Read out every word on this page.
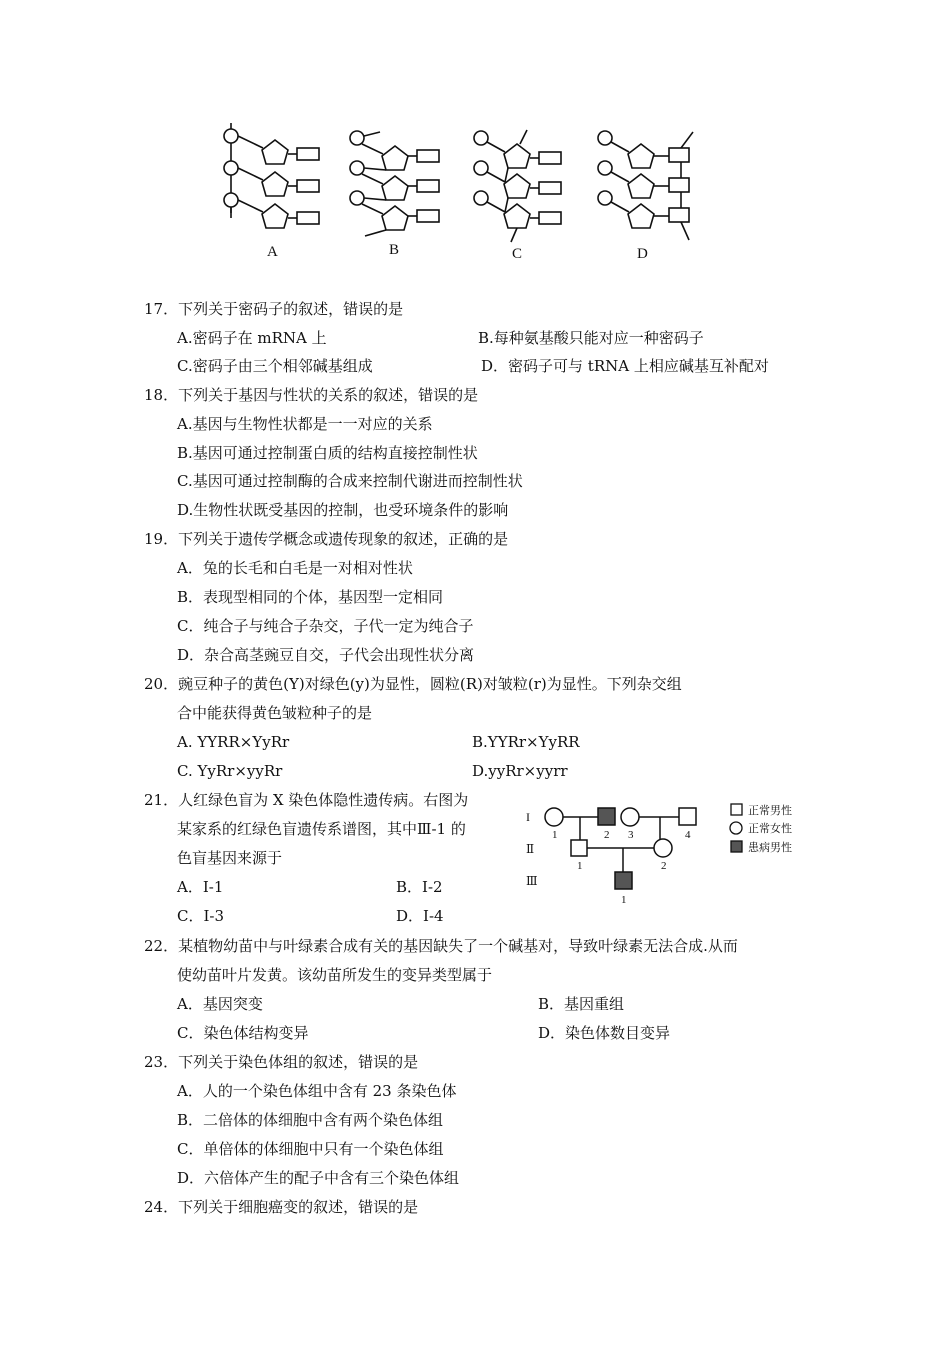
A	B	C	D
17．下列关于密码子的叙述，错误的是
A.密码子在 mRNA 上	B.每种氨基酸只能对应一种密码子
C.密码子由三个相邻碱基组成	D．密码子可与 tRNA 上相应碱基互补配对
18．下列关于基因与性状的关系的叙述，错误的是
A.基因与生物性状都是一一对应的关系
B.基因可通过控制蛋白质的结构直接控制性状
C.基因可通过控制酶的合成来控制代谢进而控制性状
D.生物性状既受基因的控制，也受环境条件的影响
19．下列关于遗传学概念或遗传现象的叙述，正确的是
A．兔的长毛和白毛是一对相对性状
B．表现型相同的个体，基因型一定相同
C．纯合子与纯合子杂交，子代一定为纯合子
D．杂合高茎豌豆自交，子代会出现性状分离
20．豌豆种子的黄色(Y)对绿色(y)为显性，圆粒(R)对皱粒(r)为显性。下列杂交组
合中能获得黄色皱粒种子的是
A. YYRR×YyRr	B.YYRr×YyRR
C. YyRr×yyRr	D.yyRr×yyrr
21．人红绿色盲为 X 染色体隐性遗传病。右图为
某家系的红绿色盲遗传系谱图，其中Ⅲ-1 的
色盲基因来源于
A．I-1	B．I-2
C．I-3	D．I-4
I
Ⅱ
Ⅲ
1	2 3	4
1	2
1
正常男性
正常女性
患病男性
22．某植物幼苗中与叶绿素合成有关的基因缺失了一个碱基对，导致叶绿素无法合成.从而
使幼苗叶片发黄。该幼苗所发生的变异类型属于
A．基因突变	B．基因重组
C．染色体结构变异	D．染色体数目变异
23．下列关于染色体组的叙述，错误的是
A．人的一个染色体组中含有 23 条染色体
B．二倍体的体细胞中含有两个染色体组
C．单倍体的体细胞中只有一个染色体组
D．六倍体产生的配子中含有三个染色体组
24．下列关于细胞癌变的叙述，错误的是
